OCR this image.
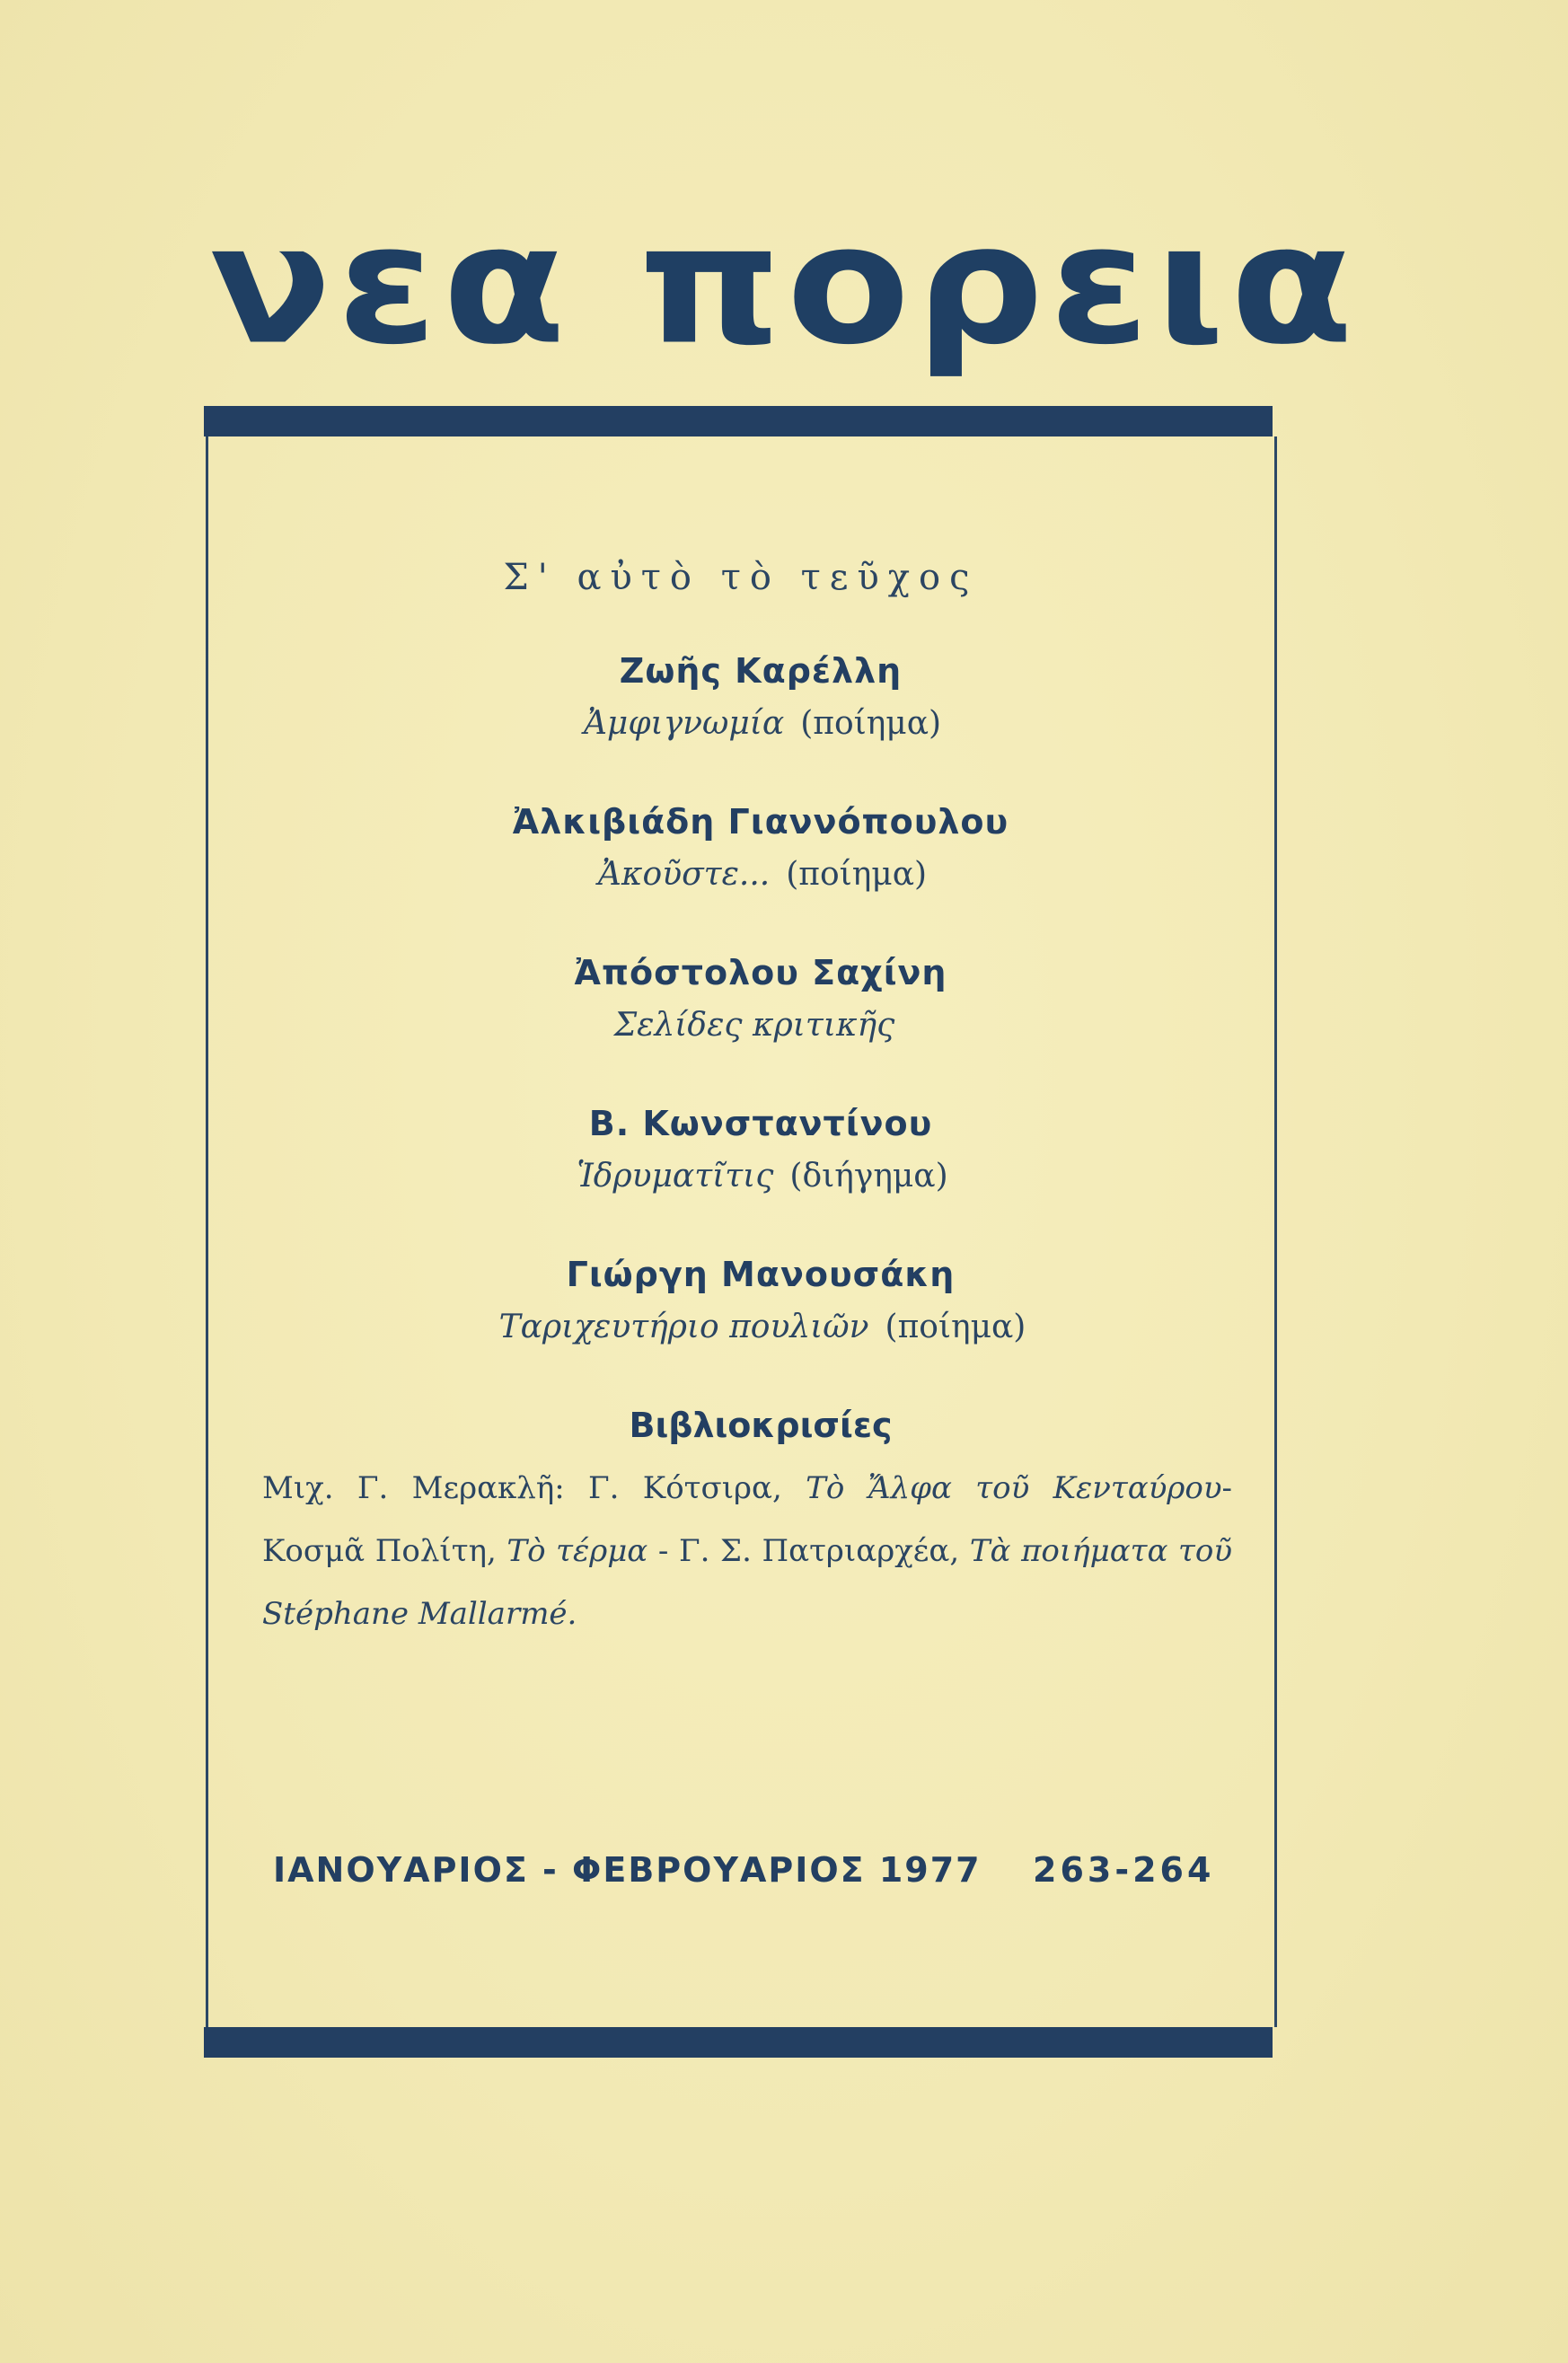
νεα πορεια
Σ' αὐτὸ τὸ τεῦχος
Ζωῆς Καρέλλη
Ἀμφιγνωμία (ποίημα)
Ἀλκιβιάδη Γιαννόπουλου
Ἀκοῦστε... (ποίημα)
Ἀπόστολου Σαχίνη
Σελίδες κριτικῆς
Β. Κωνσταντίνου
Ἱδρυματῖτις (διήγημα)
Γιώργη Μανουσάκη
Ταριχευτήριο πουλιῶν (ποίημα)
Βιβλιοκρισίες
Μιχ. Γ. Μερακλῆ: Γ. Κότσιρα, Τὸ Ἄλφα τοῦ Κενταύρου- Κοσμᾶ Πολίτη, Τὸ τέρμα - Γ. Σ. Πατριαρχέα, Τὰ ποιήματα τοῦ Stéphane Mallarmé.
ΙΑΝΟΥΑΡΙΟΣ - ΦΕΒΡΟΥΑΡΙΟΣ 1977 263-264
